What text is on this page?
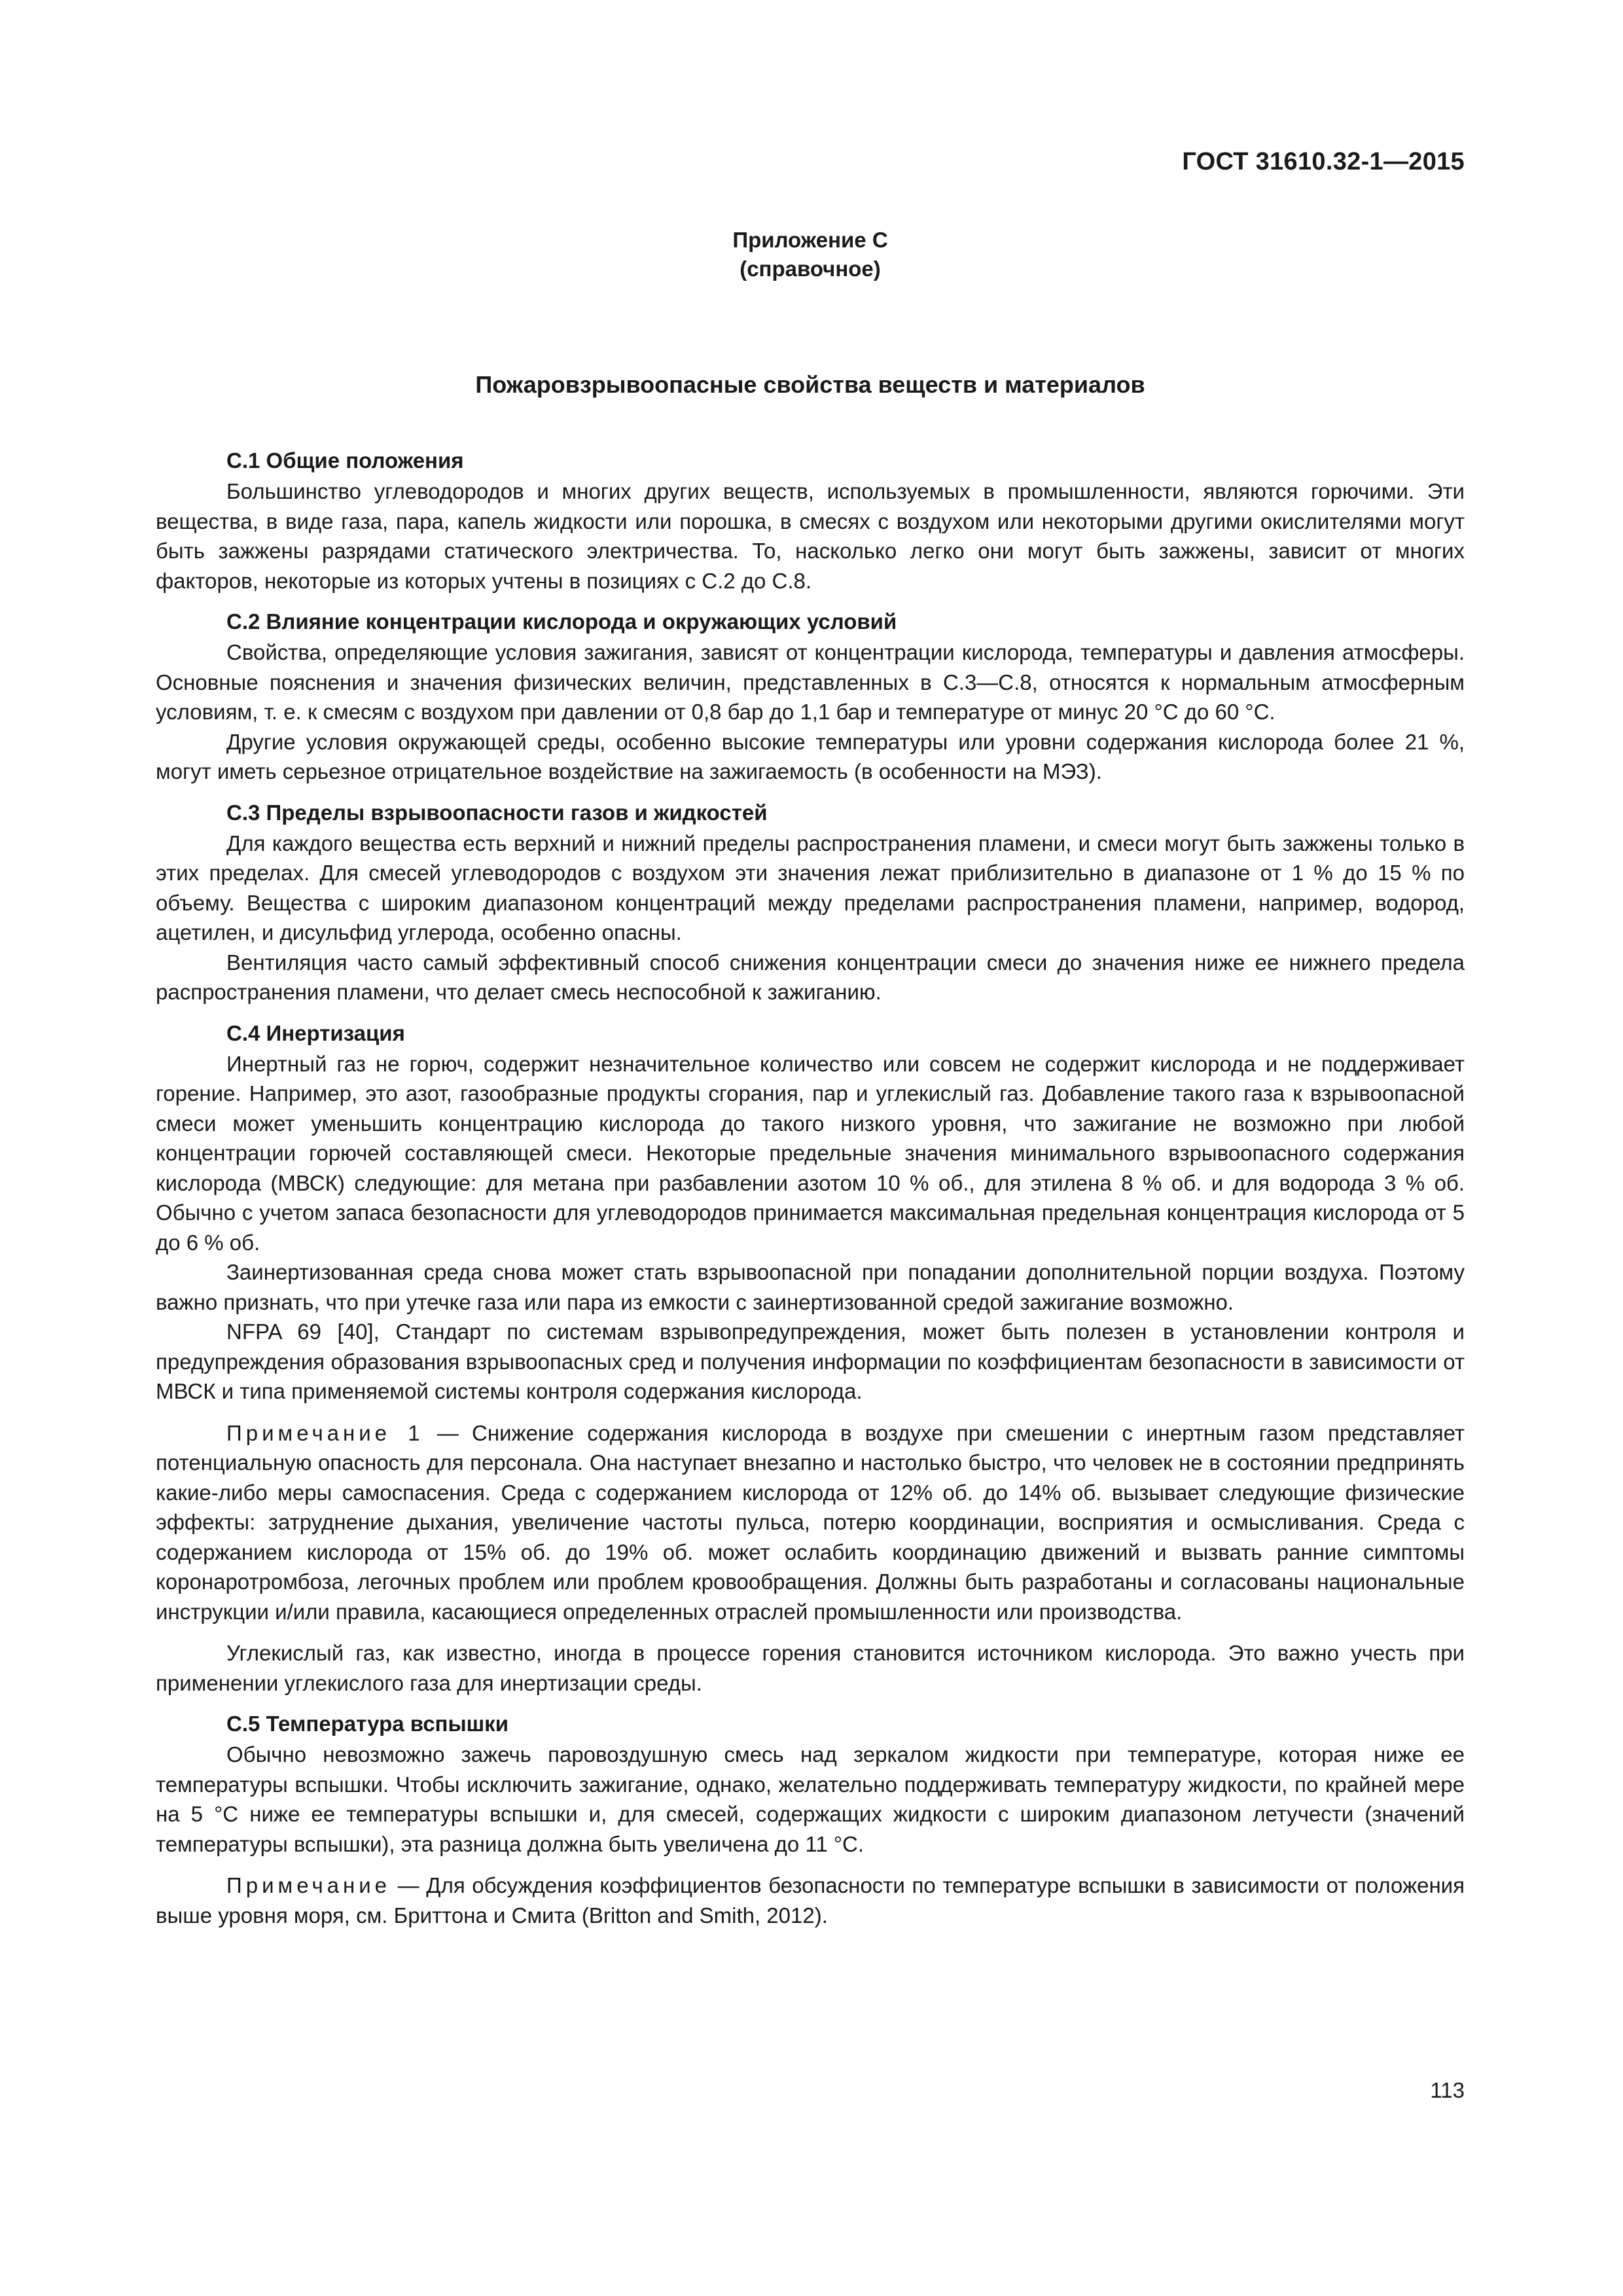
ГОСТ 31610.32-1—2015
Приложение С
(справочное)
Пожаровзрывоопасные свойства веществ и материалов
С.1 Общие положения

Большинство углеводородов и многих других веществ, используемых в промышленности, являются горючими. Эти вещества, в виде газа, пара, капель жидкости или порошка, в смесях с воздухом или некоторыми другими окислителями могут быть зажжены разрядами статического электричества. То, насколько легко они могут быть зажжены, зависит от многих факторов, некоторые из которых учтены в позициях с С.2 до С.8.

С.2 Влияние концентрации кислорода и окружающих условий

Свойства, определяющие условия зажигания, зависят от концентрации кислорода, температуры и давления атмосферы. Основные пояснения и значения физических величин, представленных в С.3—С.8, относятся к нормальным атмосферным условиям, т. е. к смесям с воздухом при давлении от 0,8 бар до 1,1 бар и температуре от минус 20 °С до 60 °С.

Другие условия окружающей среды, особенно высокие температуры или уровни содержания кислорода более 21 %, могут иметь серьезное отрицательное воздействие на зажигаемость (в особенности на МЭЗ).

С.3 Пределы взрывоопасности газов и жидкостей

Для каждого вещества есть верхний и нижний пределы распространения пламени, и смеси могут быть зажжены только в этих пределах. Для смесей углеводородов с воздухом эти значения лежат приблизительно в диапазоне от 1 % до 15 % по объему. Вещества с широким диапазоном концентраций между пределами распространения пламени, например, водород, ацетилен, и дисульфид углерода, особенно опасны.

Вентиляция часто самый эффективный способ снижения концентрации смеси до значения ниже ее нижнего предела распространения пламени, что делает смесь неспособной к зажиганию.

С.4 Инертизация

Инертный газ не горюч, содержит незначительное количество или совсем не содержит кислорода и не поддерживает горение. Например, это азот, газообразные продукты сгорания, пар и углекислый газ. Добавление такого газа к взрывоопасной смеси может уменьшить концентрацию кислорода до такого низкого уровня, что зажигание не возможно при любой концентрации горючей составляющей смеси. Некоторые предельные значения минимального взрывоопасного содержания кислорода (МВСК) следующие: для метана при разбавлении азотом 10 % об., для этилена 8 % об. и для водорода 3 % об. Обычно с учетом запаса безопасности для углеводородов принимается максимальная предельная концентрация кислорода от 5 до 6 % об.

Заинертизованная среда снова может стать взрывоопасной при попадании дополнительной порции воздуха. Поэтому важно признать, что при утечке газа или пара из емкости с заинертизованной средой зажигание возможно.

NFPA 69 [40], Стандарт по системам взрывопредупреждения, может быть полезен в установлении контроля и предупреждения образования взрывоопасных сред и получения информации по коэффициентам безопасности в зависимости от МВСК и типа применяемой системы контроля содержания кислорода.

Примечание 1 — Снижение содержания кислорода в воздухе при смешении с инертным газом представляет потенциальную опасность для персонала. Она наступает внезапно и настолько быстро, что человек не в состоянии предпринять какие-либо меры самоспасения. Среда с содержанием кислорода от 12% об. до 14% об. вызывает следующие физические эффекты: затруднение дыхания, увеличение частоты пульса, потерю координации, восприятия и осмысливания. Среда с содержанием кислорода от 15% об. до 19% об. может ослабить координацию движений и вызвать ранние симптомы коронаротромбоза, легочных проблем или проблем кровообращения. Должны быть разработаны и согласованы национальные инструкции и/или правила, касающиеся определенных отраслей промышленности или производства.

Углекислый газ, как известно, иногда в процессе горения становится источником кислорода. Это важно учесть при применении углекислого газа для инертизации среды.

С.5 Температура вспышки

Обычно невозможно зажечь паровоздушную смесь над зеркалом жидкости при температуре, которая ниже ее температуры вспышки. Чтобы исключить зажигание, однако, желательно поддерживать температуру жидкости, по крайней мере на 5 °С ниже ее температуры вспышки и, для смесей, содержащих жидкости с широким диапазоном летучести (значений температуры вспышки), эта разница должна быть увеличена до 11 °С.

Примечание — Для обсуждения коэффициентов безопасности по температуре вспышки в зависимости от положения выше уровня моря, см. Бриттона и Смита (Britton and Smith, 2012).

113
